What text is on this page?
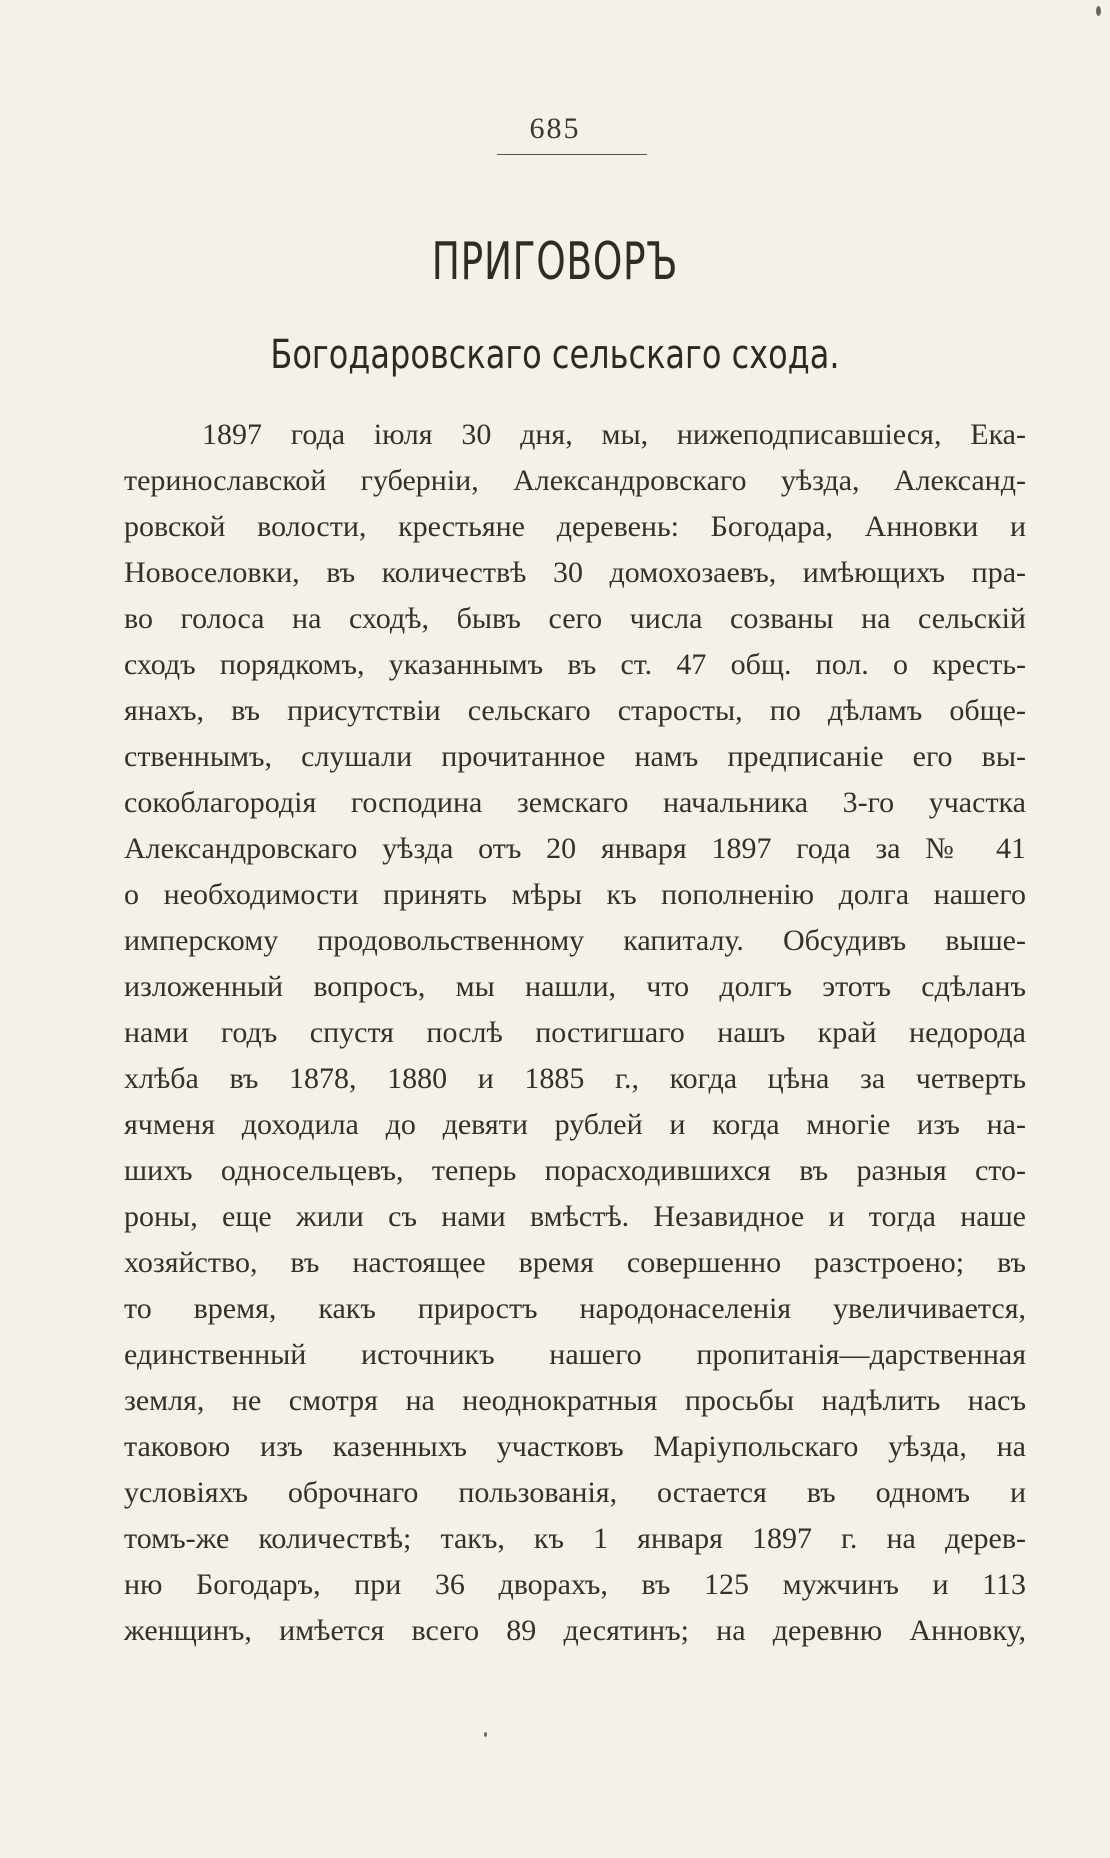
685
ПРИГОВОРЪ
Богодаровскаго сельскаго схода.
1897 года іюля 30 дня, мы, нижеподписавшіеся, Ека-
теринославской губерніи, Александровскаго уѣзда, Александ-
ровской волости, крестьяне деревень: Богодара, Анновки и
Новоселовки, въ количествѣ 30 домохозаевъ, имѣющихъ пра-
во голоса на сходѣ, бывъ сего числа созваны на сельскій
сходъ порядкомъ, указаннымъ въ ст. 47 общ. пол. о кресть-
янахъ, въ присутствіи сельскаго старосты, по дѣламъ обще-
ственнымъ, слушали прочитанное намъ предписаніе его вы-
сокоблагородія господина земскаго начальника 3-го участка
Александровскаго уѣзда отъ 20 января 1897 года за № 41
о необходимости принять мѣры къ пополненію долга нашего
имперскому продовольственному капиталу. Обсудивъ выше-
изложенный вопросъ, мы нашли, что долгъ этотъ сдѣланъ
нами годъ спустя послѣ постигшаго нашъ край недорода
хлѣба въ 1878, 1880 и 1885 г., когда цѣна за четверть
ячменя доходила до девяти рублей и когда многіе изъ на-
шихъ односельцевъ, теперь порасходившихся въ разныя сто-
роны, еще жили съ нами вмѣстѣ. Незавидное и тогда наше
хозяйство, въ настоящее время совершенно разстроено; въ
то время, какъ приростъ народонаселенія увеличивается,
единственный источникъ нашего пропитанія—дарственная
земля, не смотря на неоднократныя просьбы надѣлить насъ
таковою изъ казенныхъ участковъ Маріупольскаго уѣзда, на
условіяхъ оброчнаго пользованія, остается въ одномъ и
томъ-же количествѣ; такъ, къ 1 января 1897 г. на дерев-
ню Богодаръ, при 36 дворахъ, въ 125 мужчинъ и 113
женщинъ, имѣется всего 89 десятинъ; на деревню Анновку,
